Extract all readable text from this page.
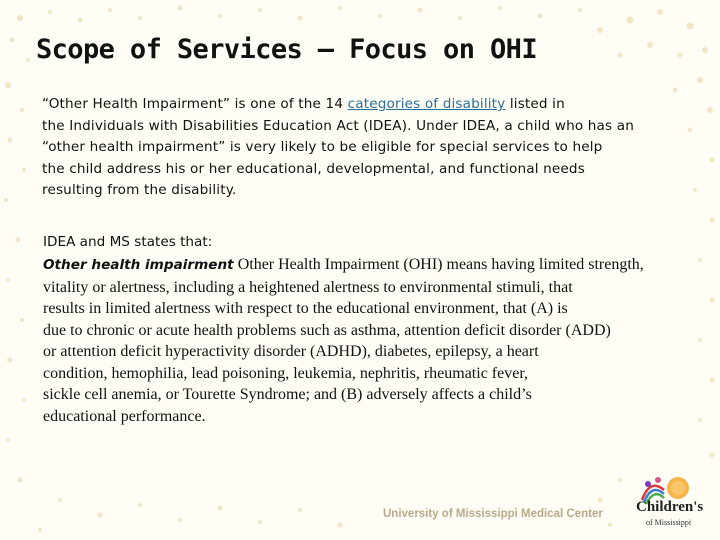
Scope of Services – Focus on OHI
“Other Health Impairment” is one of the 14 categories of disability listed in
the Individuals with Disabilities Education Act (IDEA). Under IDEA, a child who has an
“other health impairment” is very likely to be eligible for special services to help
the child address his or her educational, developmental, and functional needs
resulting from the disability.
IDEA and MS states that:
Other health impairment Other Health Impairment (OHI) means having limited strength,
vitality or alertness, including a heightened alertness to environmental stimuli, that
results in limited alertness with respect to the educational environment, that (A) is
due to chronic or acute health problems such as asthma, attention deficit disorder (ADD)
or attention deficit hyperactivity disorder (ADHD), diabetes, epilepsy, a heart
condition, hemophilia, lead poisoning, leukemia, nephritis, rheumatic fever,
sickle cell anemia, or Tourette Syndrome; and (B) adversely affects a child’s
educational performance.
University of Mississippi Medical Center Children's
of Mississippi
